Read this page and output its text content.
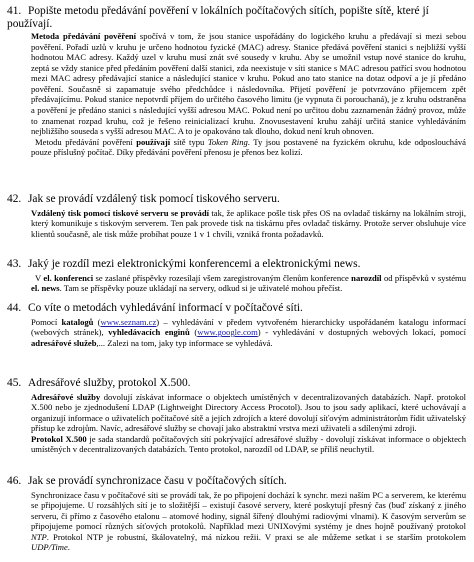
41. Popište metodu předávání pověření v lokálních počítačových sítích, popište sítě, které jí používají.

Metoda předávání pověření spočívá v tom, že jsou stanice uspořádány do logického kruhu a předávají si mezi sebou pověření. Pořadí uzlů v kruhu je určeno hodnotou fyzické (MAC) adresy. Stanice předává pověření stanici s nejbližší vyšší hodnotou MAC adresy. Každý uzel v kruhu musí znát své sousedy v kruhu. Aby se umožnil vstup nové stanice do kruhu, zeptá se vždy stanice před předáním pověření další stanici, zda neexistuje v síti stanice s MAC adresou patřící svou hodnotou mezi MAC adresy předávající stanice a následující stanice v kruhu. Pokud ano tato stanice na dotaz odpoví a je jí předáno pověření. Současně si zapamatuje svého předchůdce i následovníka. Přijetí pověření je potvrzováno příjemcem zpět předávajícímu. Pokud stanice nepotvrdí příjem do určitého časového limitu (je vypnuta či porouchaná), je z kruhu odstraněna a pověření je předáno stanici s následující vyšší adresou MAC. Pokud není po určitou dobu zaznamenán žádný provoz, může to znamenat rozpad kruhu, což je řešeno reinicializací kruhu. Znovusestavení kruhu zahájí určitá stanice vyhledáváním nejbližšího souseda s vyšší adresou MAC. A to je opakováno tak dlouho, dokud není kruh obnoven.

Metodu předávání pověření používají sítě typu Token Ring. Ty jsou postavené na fyzickém okruhu, kde odposlouchává pouze příslušný počítač. Díky předávání pověření přenosu je přenos bez kolizí.

42. Jak se provádí vzdálený tisk pomocí tiskového serveru.

Vzdálený tisk pomocí tiskové serveru se provádí tak, že aplikace pošle tisk přes OS na ovladač tiskárny na lokálním stroji, který komunikuje s tiskovým serverem. Ten pak provede tisk na tiskárnu přes ovladač tiskárny. Protože server obsluhuje více klientů současně, ale tisk může probíhat pouze 1 v 1 chvíli, vzniká fronta požadavků.

43. Jaký je rozdíl mezi elektronickými konferencemi a elektronickými news.

V el. konferenci se zaslané příspěvky rozesílají všem zaregistrovaným členům konference narozdíl od příspěvků v systému el. news. Tam se příspěvky pouze ukládají na servery, odkud si je uživatelé mohou přečíst.

44. Co víte o metodách vyhledávání informací v počítačové síti.

Pomocí katalogů (www.seznam.cz) – vyhledávání v předem vytvořeném hierarchicky uspořádaném katalogu informací (webových stránek), vyhledávacích enginů (www.google.com) - vyhledávání v dostupných webových lokací, pomocí adresářové služeb,... Zalezi na tom, jaky typ informace se vyhledává.

45. Adresářové služby, protokol X.500.

Adresářové služby dovolují získávat informace o objektech umístěných v decentralizovaných databázích. Např. protokol X.500 nebo je zjednodušení LDAP (Lightweight Directory Access Procotol). Jsou to jsou sady aplikací, které uchovávají a organizují informace o uživatelích počítačové sítě a jejích zdrojích a které dovolují síťovým administrátorům řídit uživatelský přístup ke zdrojům. Navíc, adresářové služby se chovají jako abstraktní vrstva mezi uživateli a sdílenými zdroji.

Protokol X.500 je sada standardů počítačových sítí pokrývající adresářové služby - dovolují získávat informace o objektech umístěných v decentralizovaných databázích. Tento protokol, narozdíl od LDAP, se příliš neuchytil.

46. Jak se provádí synchronizace času v počítačových sítích.

Synchronizace času v počítačové síti se provádí tak, že po připojení dochází k synchr. mezi naším PC a serverem, ke kterému se připojujeme. U rozsáhlých sítí je to složitější – existují časové servery, které poskytují přesný čas (buď získaný z jiného serveru, či přímo z časového etalonu – atomové hodiny, signál šířený dlouhými radiovými vlnami). K časovým serverům se připojujeme pomocí různých síťových protokolů. Například mezi UNIXovými systémy je dnes hojně používaný protokol NTP. Protokol NTP je robustní, škálovatelný, má nízkou režii. V praxi se ale můžeme setkat i se starším protokolem UDP/Time.
